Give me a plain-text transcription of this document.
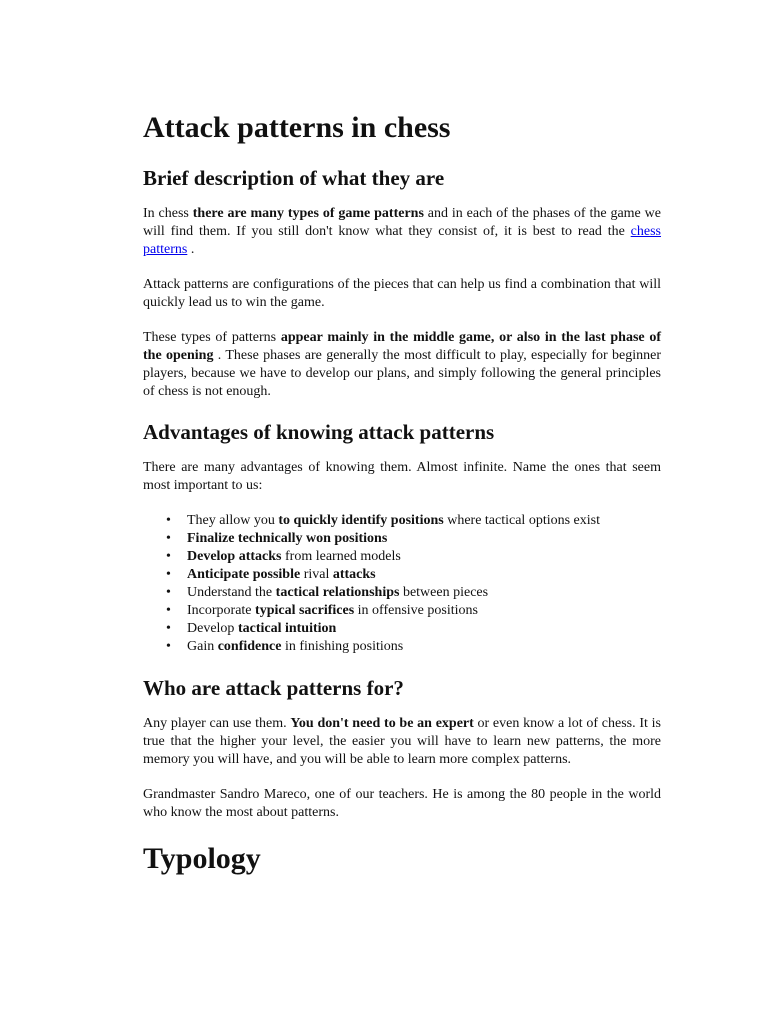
Attack patterns in chess
Brief description of what they are

In chess there are many types of game patterns and in each of the phases of the game we will find them. If you still don't know what they consist of, it is best to read the chess patterns .

Attack patterns are configurations of the pieces that can help us find a combination that will quickly lead us to win the game.

These types of patterns appear mainly in the middle game, or also in the last phase of the opening . These phases are generally the most difficult to play, especially for beginner players, because we have to develop our plans, and simply following the general principles of chess is not enough.

Advantages of knowing attack patterns

There are many advantages of knowing them. Almost infinite. Name the ones that seem most important to us:

• They allow you to quickly identify positions where tactical options exist
• Finalize technically won positions
• Develop attacks from learned models
• Anticipate possible rival attacks
• Understand the tactical relationships between pieces
• Incorporate typical sacrifices in offensive positions
• Develop tactical intuition
• Gain confidence in finishing positions
Who are attack patterns for?

Any player can use them. You don't need to be an expert or even know a lot of chess. It is true that the higher your level, the easier you will have to learn new patterns, the more memory you will have, and you will be able to learn more complex patterns.

Grandmaster Sandro Mareco, one of our teachers. He is among the 80 people in the world who know the most about patterns.

Typology
